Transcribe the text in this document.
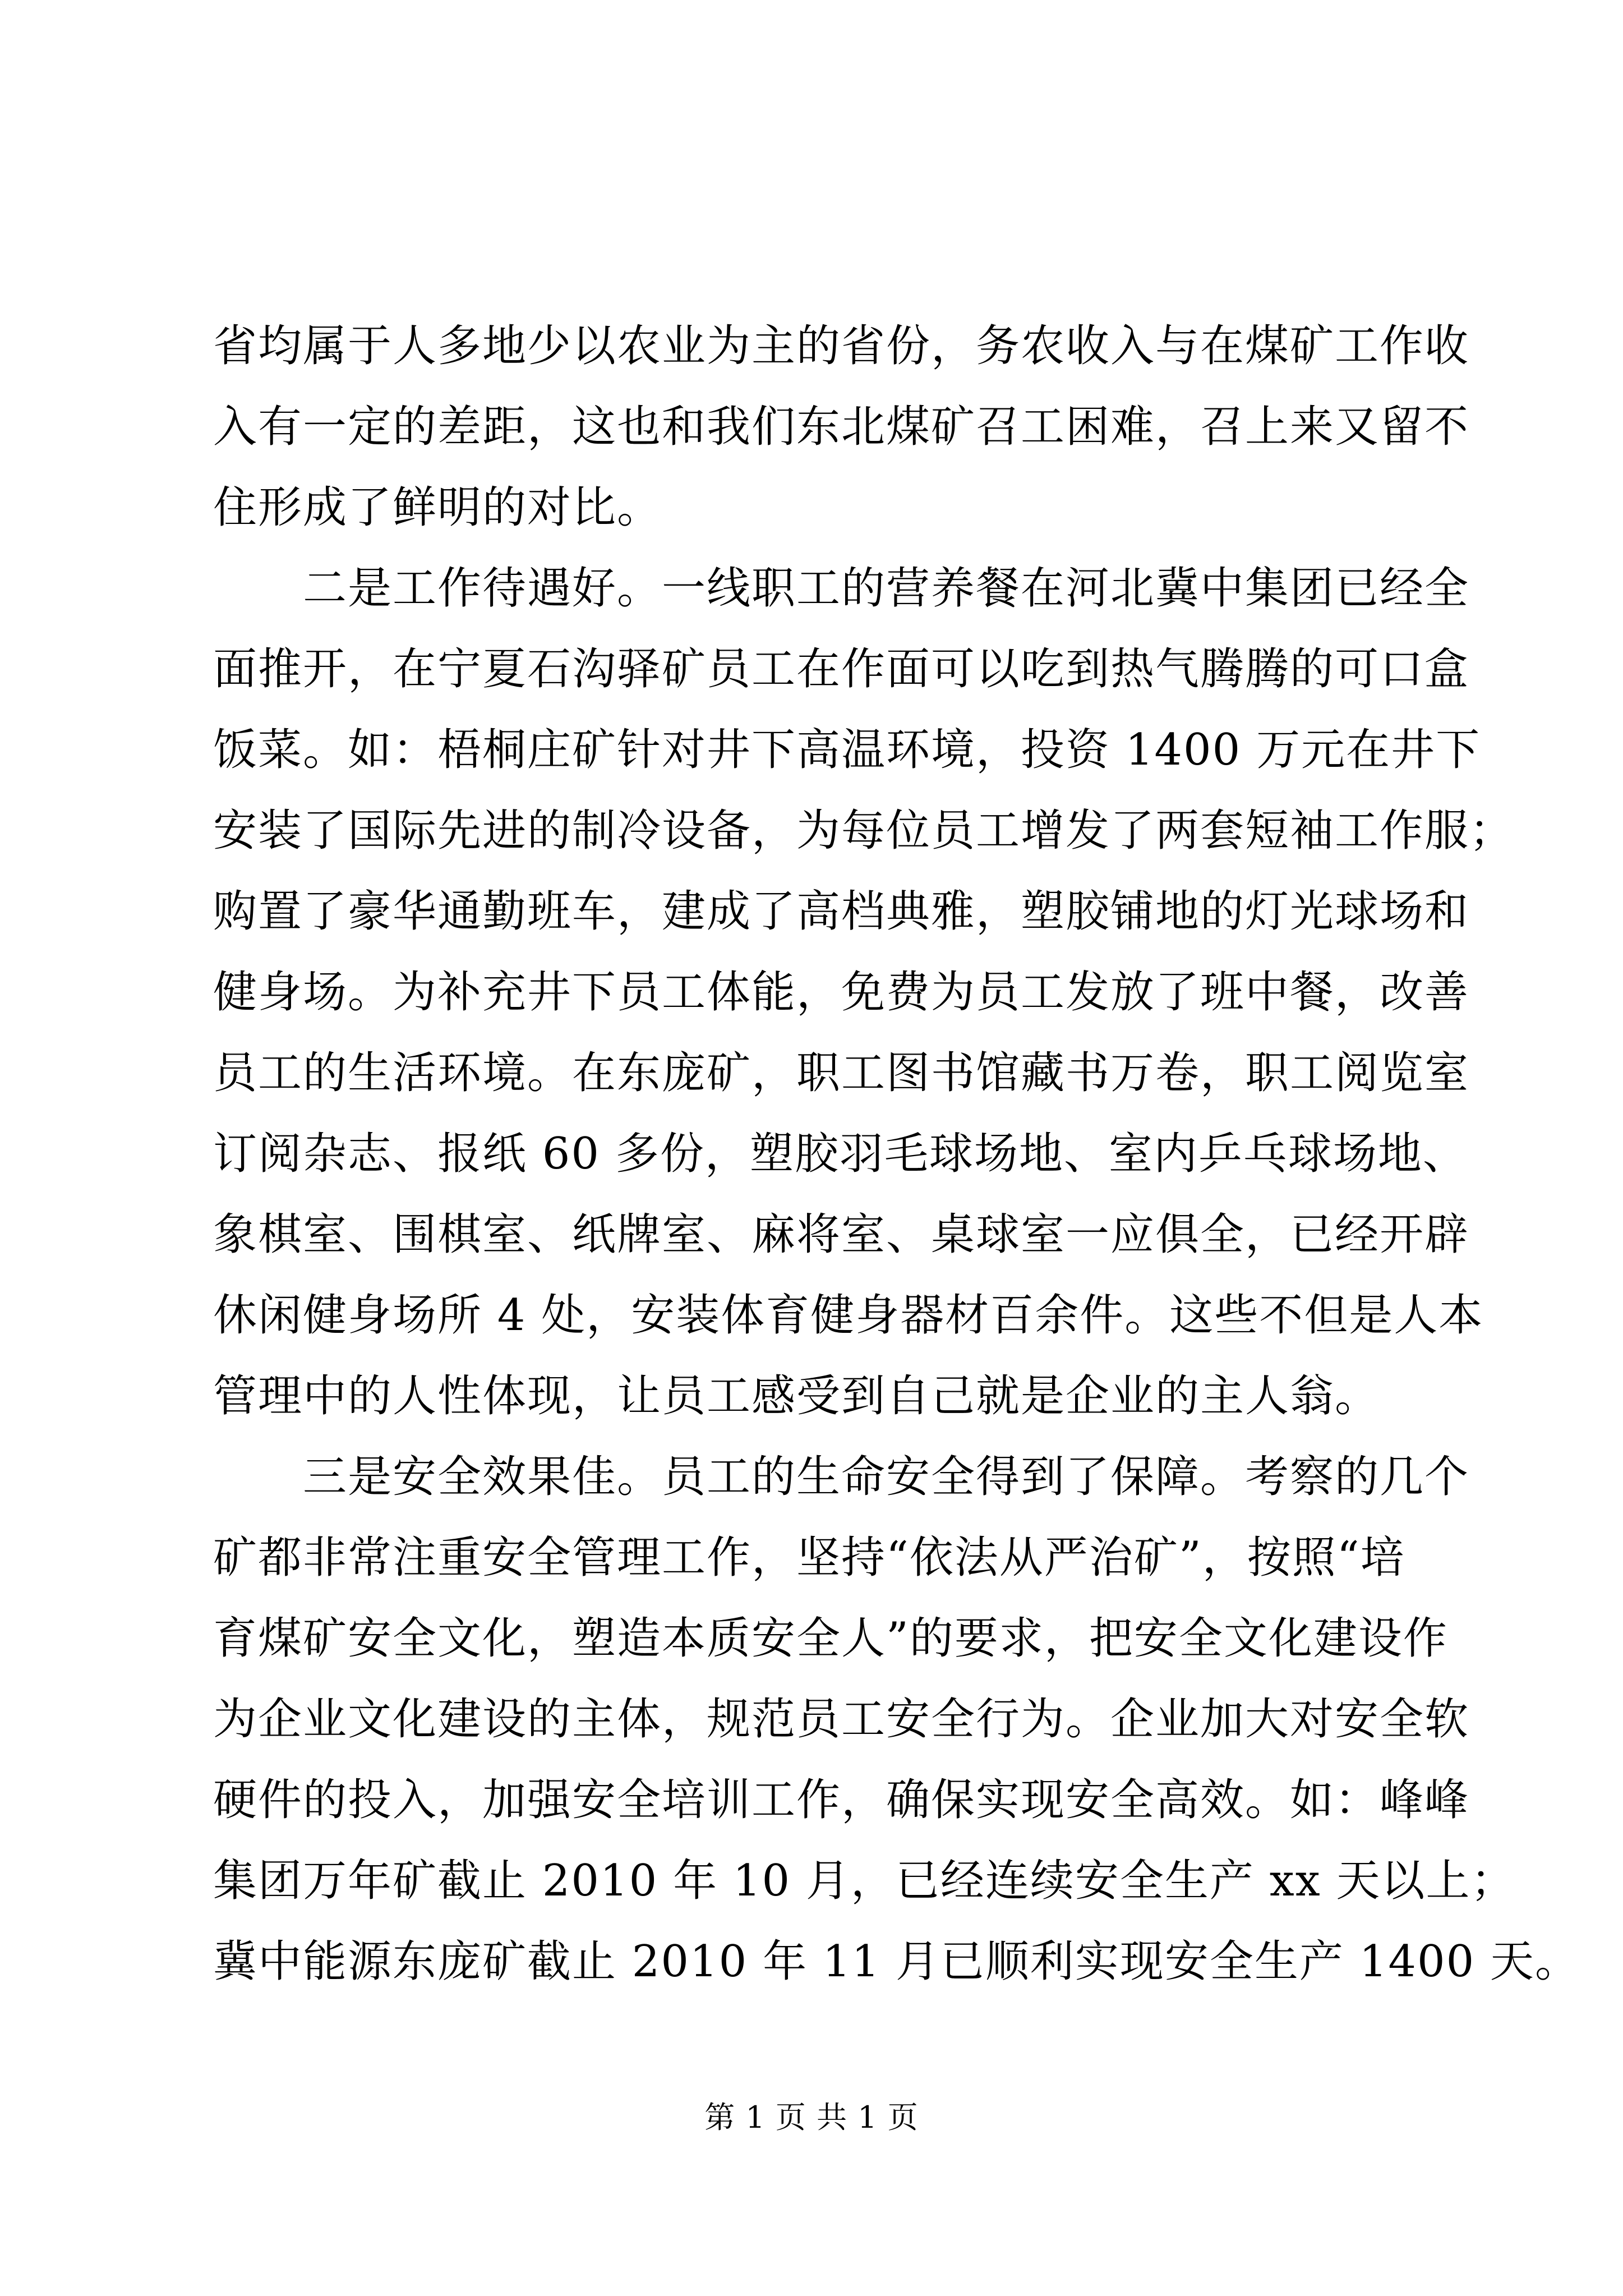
省均属于人多地少以农业为主的省份，务农收入与在煤矿工作收
入有一定的差距，这也和我们东北煤矿召工困难，召上来又留不
住形成了鲜明的对比。
　　二是工作待遇好。一线职工的营养餐在河北冀中集团已经全
面推开，在宁夏石沟驿矿员工在作面可以吃到热气腾腾的可口盒
饭菜。如：梧桐庄矿针对井下高温环境，投资 1400 万元在井下
安装了国际先进的制冷设备，为每位员工增发了两套短袖工作服；
购置了豪华通勤班车，建成了高档典雅，塑胶铺地的灯光球场和
健身场。为补充井下员工体能，免费为员工发放了班中餐，改善
员工的生活环境。在东庞矿，职工图书馆藏书万卷，职工阅览室
订阅杂志、报纸 60 多份，塑胶羽毛球场地、室内乒乓球场地、
象棋室、围棋室、纸牌室、麻将室、桌球室一应俱全，已经开辟
休闲健身场所 4 处，安装体育健身器材百余件。这些不但是人本
管理中的人性体现，让员工感受到自己就是企业的主人翁。
　　三是安全效果佳。员工的生命安全得到了保障。考察的几个
矿都非常注重安全管理工作，坚持“依法从严治矿”，按照“培
育煤矿安全文化，塑造本质安全人”的要求，把安全文化建设作
为企业文化建设的主体，规范员工安全行为。企业加大对安全软
硬件的投入，加强安全培训工作，确保实现安全高效。如：峰峰
集团万年矿截止 2010 年 10 月，已经连续安全生产 xx 天以上；
冀中能源东庞矿截止 2010 年 11 月已顺利实现安全生产 1400 天。
第 1 页 共 1 页
